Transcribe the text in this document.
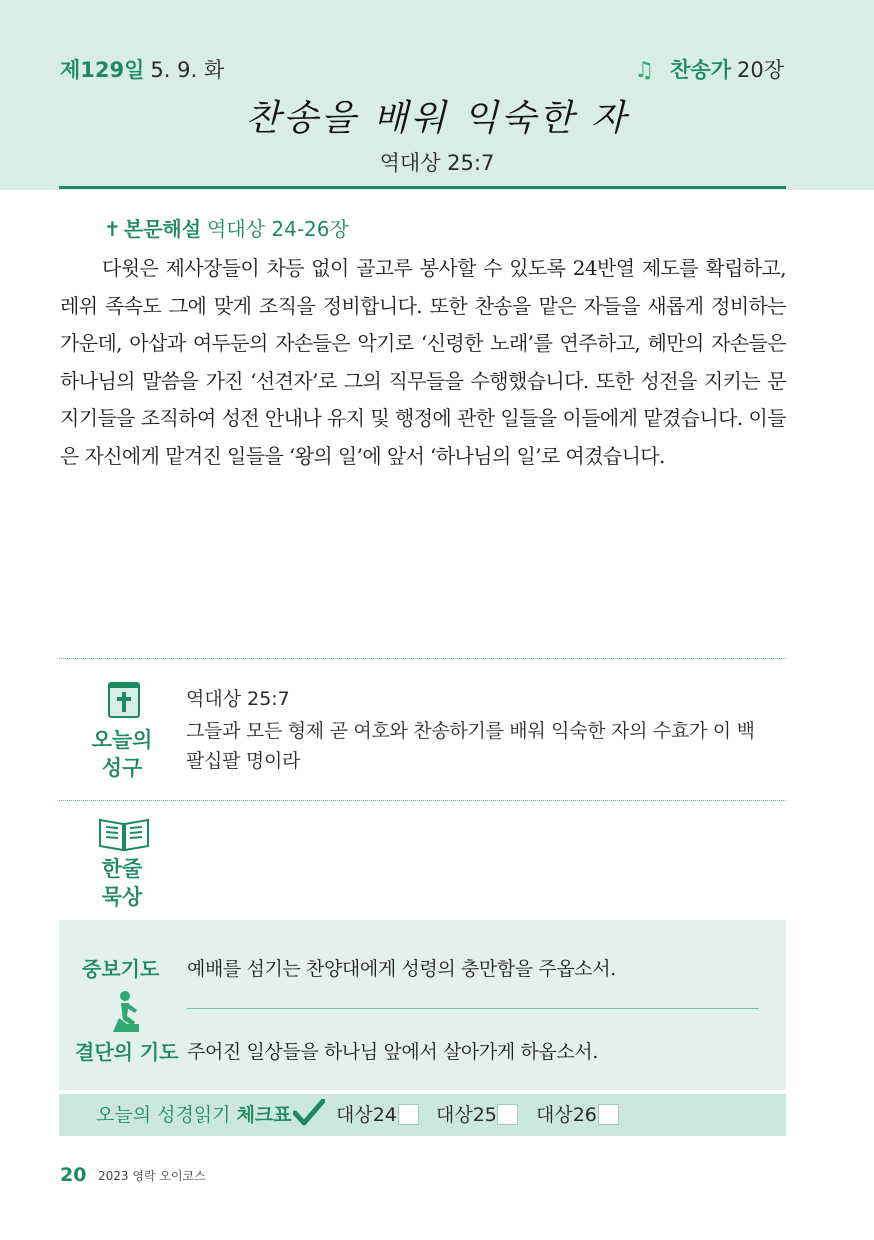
제129일 5. 9. 화	♫ 찬송가 20장
찬송을 배워 익숙한 자
역대상 25:7
✝ 본문해설 역대상 24-26장

다윗은 제사장들이 차등 없이 골고루 봉사할 수 있도록 24반열 제도를 확립하고, 레위 족속도 그에 맞게 조직을 정비합니다. 또한 찬송을 맡은 자들을 새롭게 정비하는 가운데, 아삽과 여두둔의 자손들은 악기로 ‘신령한 노래’를 연주하고, 헤만의 자손들은 하나님의 말씀을 가진 ‘선견자’로 그의 직무들을 수행했습니다. 또한 성전을 지키는 문지기들을 조직하여 성전 안내나 유지 및 행정에 관한 일들을 이들에게 맡겼습니다. 이들은 자신에게 맡겨진 일들을 ‘왕의 일’에 앞서 ‘하나님의 일’로 여겼습니다.

오늘의
성구
역대상 25:7
그들과 모든 형제 곧 여호와 찬송하기를 배워 익숙한 자의 수효가 이 백팔십팔 명이라
한줄
묵상
중보기도 예배를 섬기는 찬양대에게 성령의 충만함을 주옵소서.
결단의 기도 주어진 일상들을 하나님 앞에서 살아가게 하옵소서.
오늘의 성경읽기 체크표 대상24 대상25 대상26
20 2023 영락 오이코스
